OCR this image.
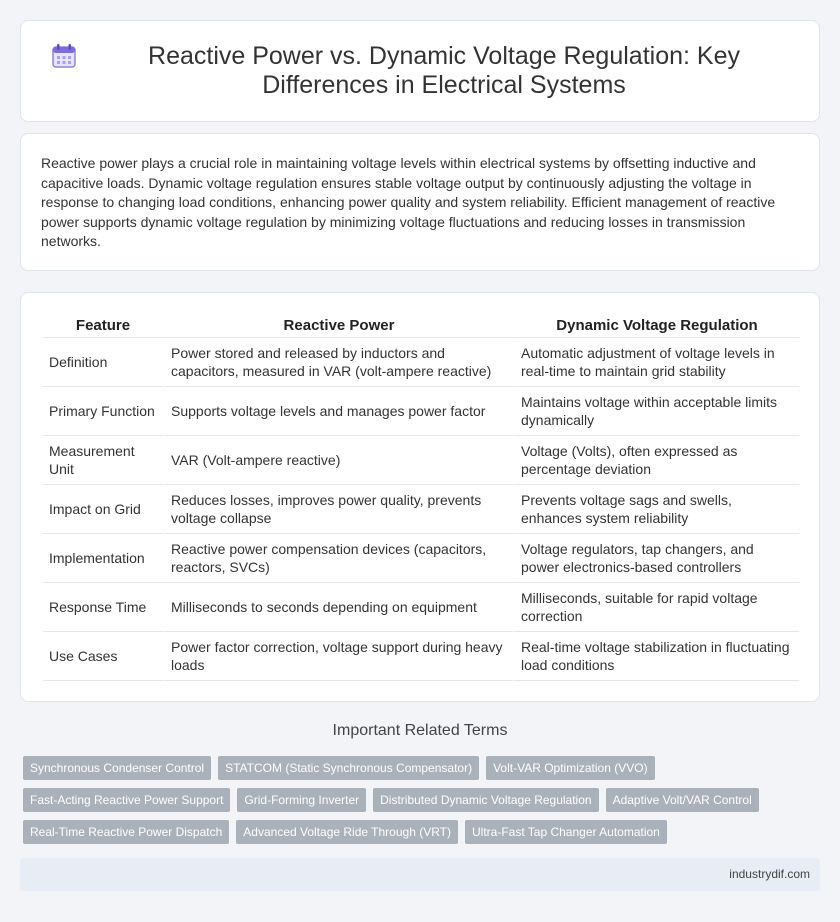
Reactive Power vs. Dynamic Voltage Regulation: Key Differences in Electrical Systems

Reactive power plays a crucial role in maintaining voltage levels within electrical systems by offsetting inductive and capacitive loads. Dynamic voltage regulation ensures stable voltage output by continuously adjusting the voltage in response to changing load conditions, enhancing power quality and system reliability. Efficient management of reactive power supports dynamic voltage regulation by minimizing voltage fluctuations and reducing losses in transmission networks.

Feature	Reactive Power	Dynamic Voltage Regulation
Definition	Power stored and released by inductors and capacitors, measured in VAR (volt-ampere reactive)	Automatic adjustment of voltage levels in real-time to maintain grid stability
Primary Function	Supports voltage levels and manages power factor	Maintains voltage within acceptable limits dynamically
Measurement Unit	VAR (Volt-ampere reactive)	Voltage (Volts), often expressed as percentage deviation
Impact on Grid	Reduces losses, improves power quality, prevents voltage collapse	Prevents voltage sags and swells, enhances system reliability
Implementation	Reactive power compensation devices (capacitors, reactors, SVCs)	Voltage regulators, tap changers, and power electronics-based controllers
Response Time	Milliseconds to seconds depending on equipment	Milliseconds, suitable for rapid voltage correction
Use Cases	Power factor correction, voltage support during heavy loads	Real-time voltage stabilization in fluctuating load conditions
Important Related Terms
Synchronous Condenser Control	STATCOM (Static Synchronous Compensator)	Volt-VAR Optimization (VVO)
Fast-Acting Reactive Power Support	Grid-Forming Inverter	Distributed Dynamic Voltage Regulation	Adaptive Volt/VAR Control
Real-Time Reactive Power Dispatch	Advanced Voltage Ride Through (VRT)	Ultra-Fast Tap Changer Automation
industrydif.com
